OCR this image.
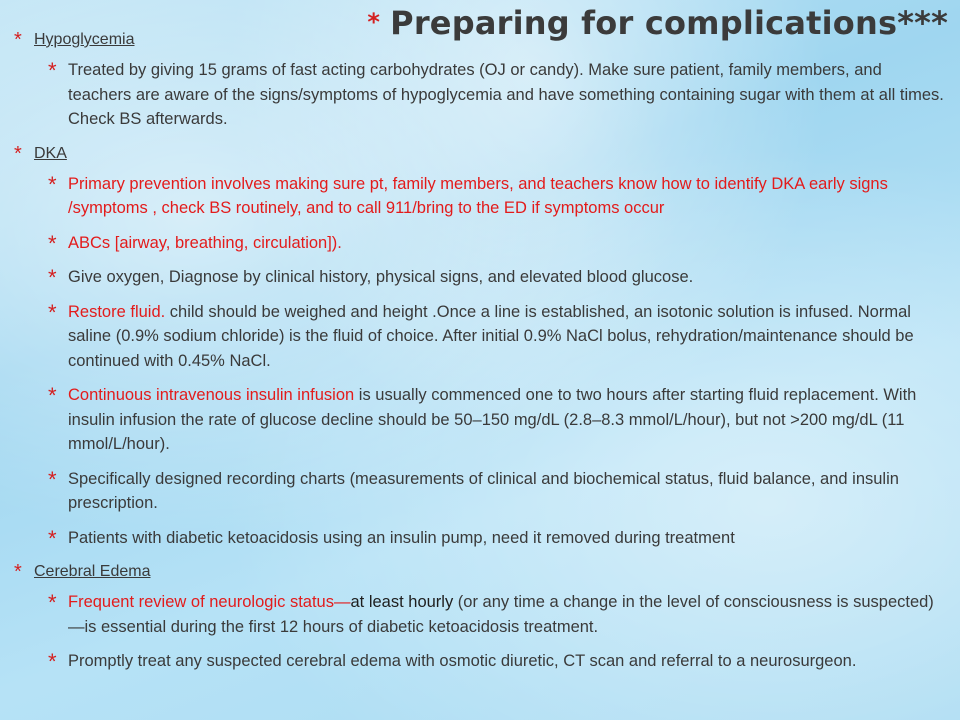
* Preparing for complications***
* Hypoglycemia
* Treated by giving 15 grams of fast acting carbohydrates (OJ or candy). Make sure patient, family members, and teachers are aware of the signs/symptoms of hypoglycemia and have something containing sugar with them at all times. Check BS afterwards.
* DKA
* Primary prevention involves making sure pt, family members, and teachers know how to identify DKA early signs /symptoms , check BS routinely, and to call 911/bring to the ED if symptoms occur
* ABCs [airway, breathing, circulation]).
* Give oxygen, Diagnose by clinical history, physical signs, and elevated blood glucose.
* Restore fluid. child should be weighed and height .Once a line is established, an isotonic solution is infused. Normal saline (0.9% sodium chloride) is the fluid of choice. After initial 0.9% NaCl bolus, rehydration/maintenance should be continued with 0.45% NaCl.
* Continuous intravenous insulin infusion is usually commenced one to two hours after starting fluid replacement. With insulin infusion the rate of glucose decline should be 50–150 mg/dL (2.8–8.3 mmol/L/hour), but not >200 mg/dL (11 mmol/L/hour).
* Specifically designed recording charts (measurements of clinical and biochemical status, fluid balance, and insulin prescription.
* Patients with diabetic ketoacidosis using an insulin pump, need it removed during treatment
* Cerebral Edema
* Frequent review of neurologic status—at least hourly (or any time a change in the level of consciousness is suspected)—is essential during the first 12 hours of diabetic ketoacidosis treatment.
* Promptly treat any suspected cerebral edema with osmotic diuretic, CT scan and referral to a neurosurgeon.
